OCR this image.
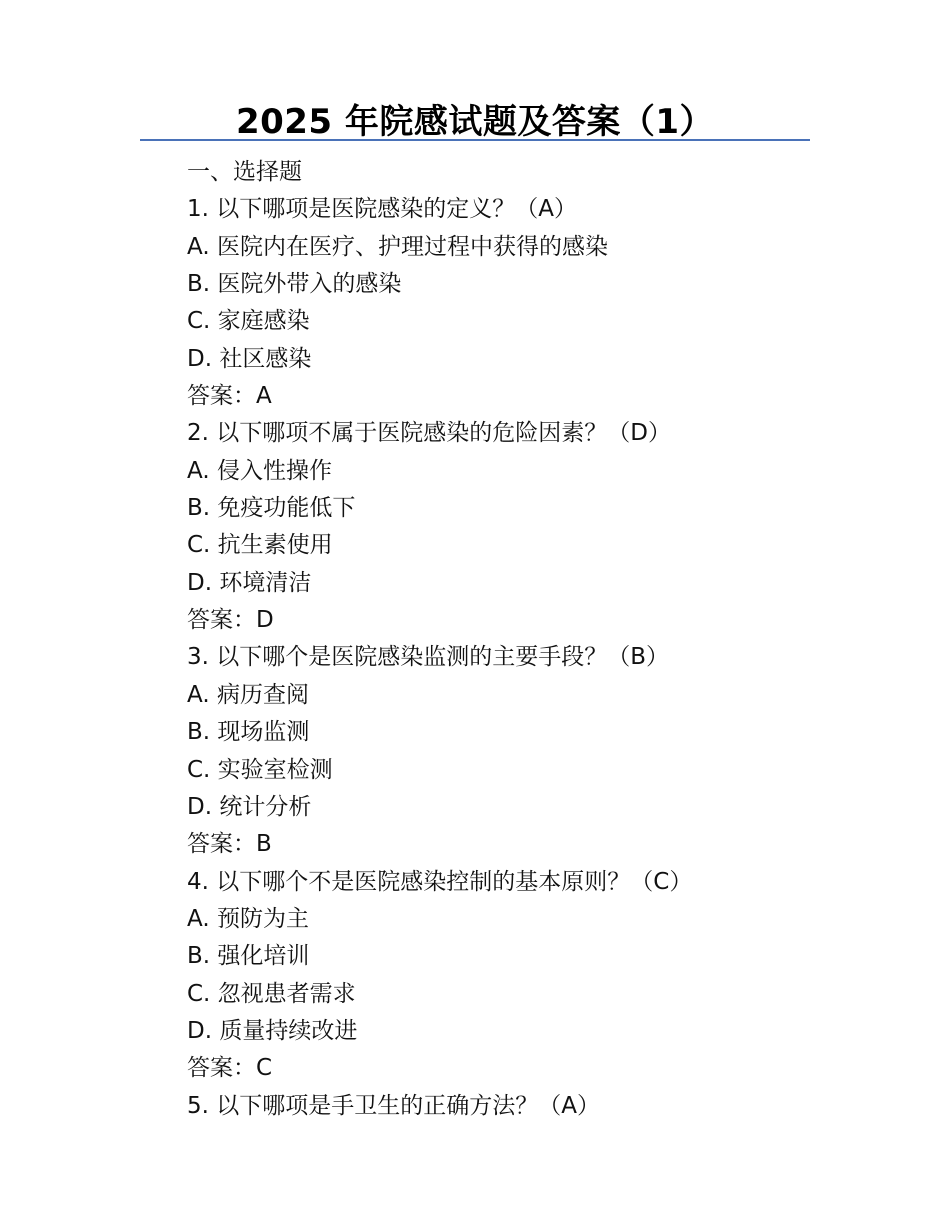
2025 年院感试题及答案（1）
一、选择题
1. 以下哪项是医院感染的定义？（A）
A. 医院内在医疗、护理过程中获得的感染
B. 医院外带入的感染
C. 家庭感染
D. 社区感染
答案：A
2. 以下哪项不属于医院感染的危险因素？（D）
A. 侵入性操作
B. 免疫功能低下
C. 抗生素使用
D. 环境清洁
答案：D
3. 以下哪个是医院感染监测的主要手段？（B）
A. 病历查阅
B. 现场监测
C. 实验室检测
D. 统计分析
答案：B
4. 以下哪个不是医院感染控制的基本原则？（C）
A. 预防为主
B. 强化培训
C. 忽视患者需求
D. 质量持续改进
答案：C
5. 以下哪项是手卫生的正确方法？（A）
